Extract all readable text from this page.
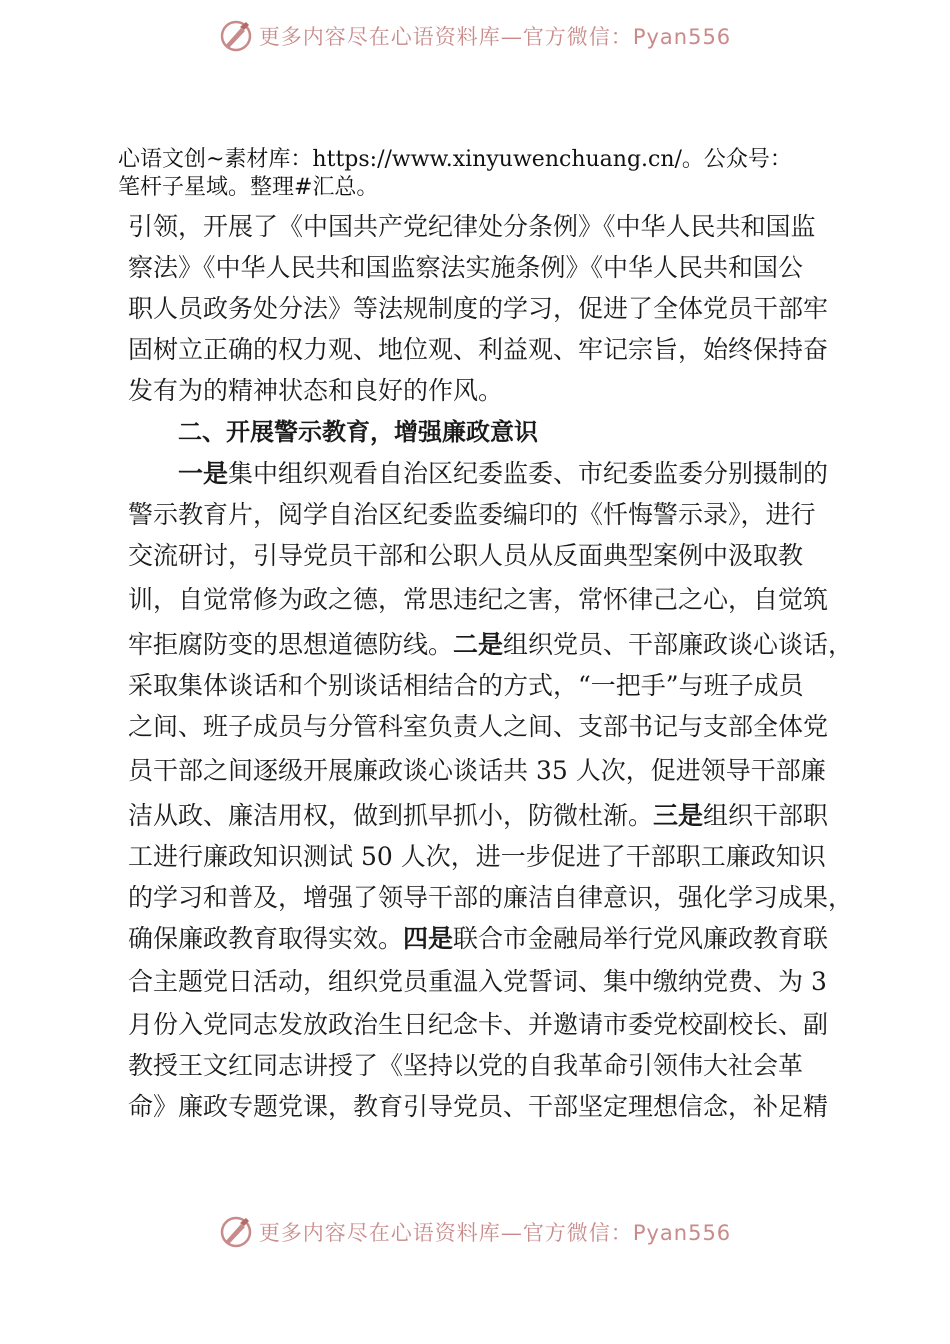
更多内容尽在心语资料库—官方微信：Pyan556
心语文创~素材库：https://www.xinyuwenchuang.cn/。公众号：
笔杆子星域。整理#汇总。
引领，开展了《中国共产党纪律处分条例》《中华人民共和国监
察法》《中华人民共和国监察法实施条例》《中华人民共和国公
职人员政务处分法》等法规制度的学习，促进了全体党员干部牢
固树立正确的权力观、地位观、利益观、牢记宗旨，始终保持奋
发有为的精神状态和良好的作风。
二、开展警示教育，增强廉政意识
一是集中组织观看自治区纪委监委、市纪委监委分别摄制的
警示教育片，阅学自治区纪委监委编印的《忏悔警示录》，进行
交流研讨，引导党员干部和公职人员从反面典型案例中汲取教
训，自觉常修为政之德，常思违纪之害，常怀律己之心，自觉筑
牢拒腐防变的思想道德防线。二是组织党员、干部廉政谈心谈话，
采取集体谈话和个别谈话相结合的方式，“一把手”与班子成员
之间、班子成员与分管科室负责人之间、支部书记与支部全体党
员干部之间逐级开展廉政谈心谈话共 35 人次，促进领导干部廉
洁从政、廉洁用权，做到抓早抓小，防微杜渐。三是组织干部职
工进行廉政知识测试 50 人次，进一步促进了干部职工廉政知识
的学习和普及，增强了领导干部的廉洁自律意识，强化学习成果，
确保廉政教育取得实效。四是联合市金融局举行党风廉政教育联
合主题党日活动，组织党员重温入党誓词、集中缴纳党费、为 3
月份入党同志发放政治生日纪念卡、并邀请市委党校副校长、副
教授王文红同志讲授了《坚持以党的自我革命引领伟大社会革
命》廉政专题党课，教育引导党员、干部坚定理想信念，补足精
更多内容尽在心语资料库—官方微信：Pyan556
